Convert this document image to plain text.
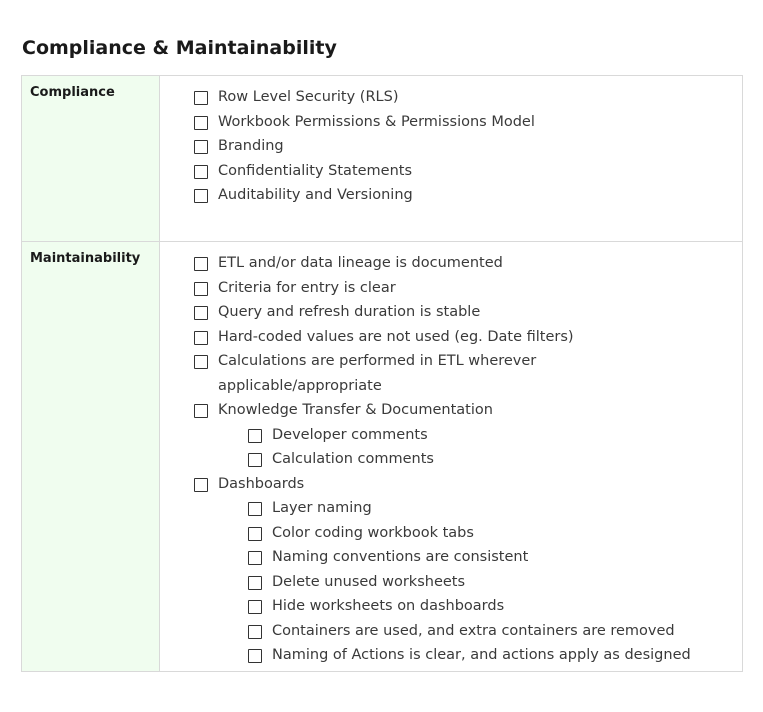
Compliance & Maintainability
Compliance	Row Level Security (RLS)
Workbook Permissions & Permissions Model
Branding
Confidentiality Statements
Auditability and Versioning
Maintainability	ETL and/or data lineage is documented
Criteria for entry is clear
Query and refresh duration is stable
Hard-coded values are not used (eg. Date filters)
Calculations are performed in ETL wherever applicable/appropriate
Knowledge Transfer & Documentation
Developer comments
Calculation comments
Dashboards
Layer naming
Color coding workbook tabs
Naming conventions are consistent
Delete unused worksheets
Hide worksheets on dashboards
Containers are used, and extra containers are removed
Naming of Actions is clear, and actions apply as designed
